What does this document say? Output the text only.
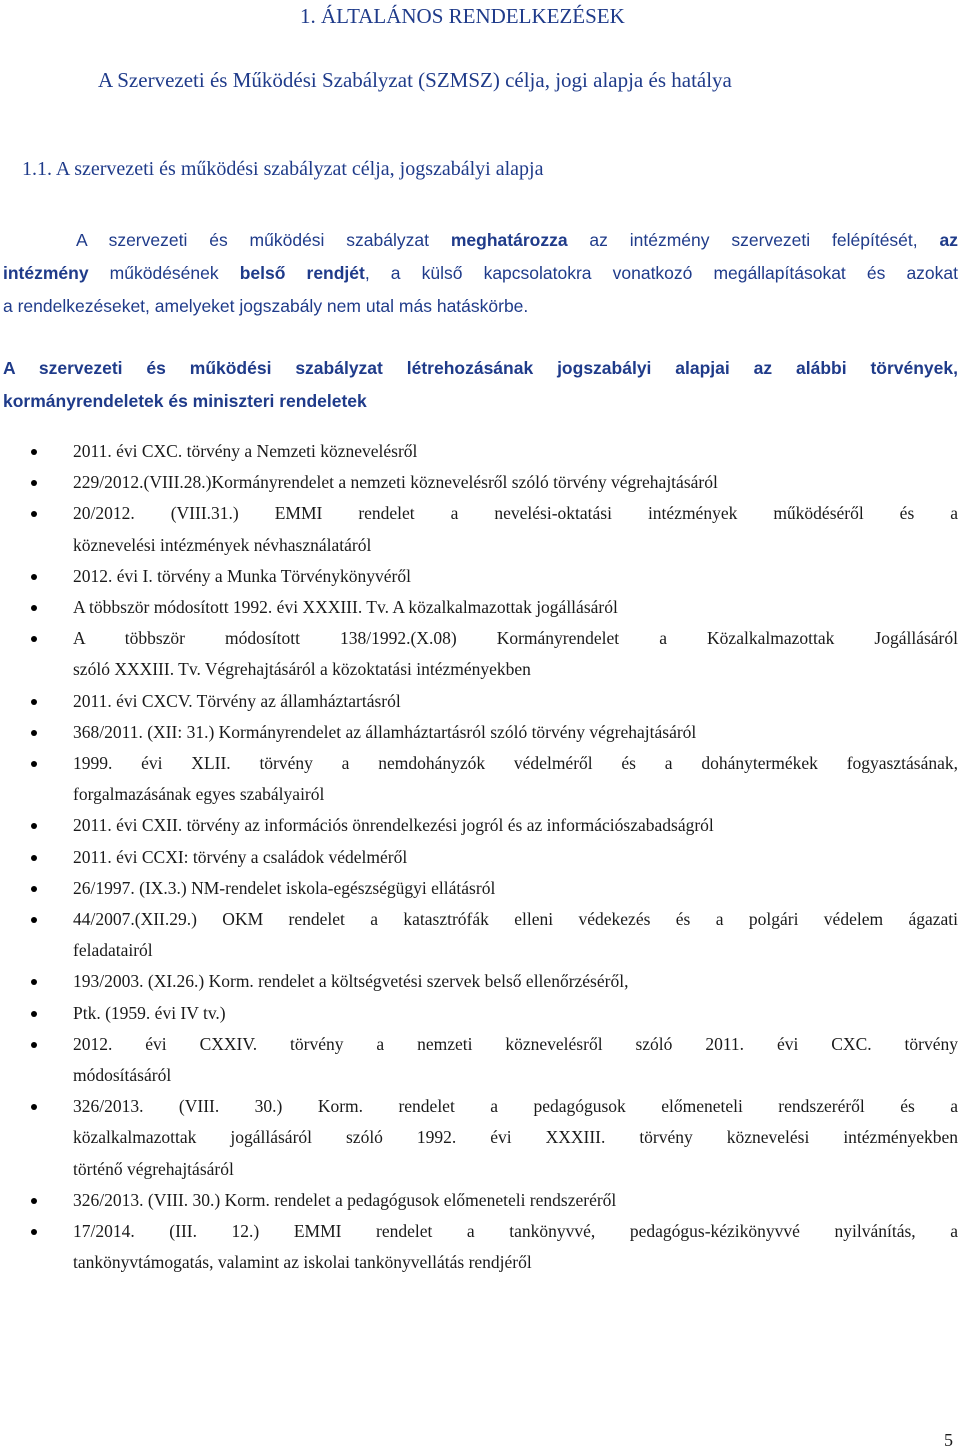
1. ÁLTALÁNOS RENDELKEZÉSEK
A Szervezeti és Működési Szabályzat (SZMSZ) célja, jogi alapja és hatálya
1.1. A szervezeti és működési szabályzat célja, jogszabályi alapja
A szervezeti és működési szabályzat meghatározza az intézmény szervezeti felépítését, az
intézmény működésének belső rendjét, a külső kapcsolatokra vonatkozó megállapításokat és azokat
a rendelkezéseket, amelyeket jogszabály nem utal más hatáskörbe.
A szervezeti és működési szabályzat létrehozásának jogszabályi alapjai az alábbi törvények,
kormányrendeletek és miniszteri rendeletek
2011. évi CXC. törvény a Nemzeti köznevelésről
229/2012.(VIII.28.)Kormányrendelet a nemzeti köznevelésről szóló törvény végrehajtásáról
20/2012. (VIII.31.) EMMI rendelet a nevelési-oktatási intézmények működéséről és a
köznevelési intézmények névhasználatáról
2012. évi I. törvény a Munka Törvénykönyvéről
A többször módosított 1992. évi XXXIII. Tv. A közalkalmazottak jogállásáról
A többször módosított 138/1992.(X.08) Kormányrendelet a Közalkalmazottak Jogállásáról
szóló XXXIII. Tv. Végrehajtásáról a közoktatási intézményekben
2011. évi CXCV. Törvény az államháztartásról
368/2011. (XII: 31.) Kormányrendelet az államháztartásról szóló törvény végrehajtásáról
1999. évi XLII. törvény a nemdohányzók védelméről és a dohánytermékek fogyasztásának,
forgalmazásának egyes szabályairól
2011. évi CXII. törvény az információs önrendelkezési jogról és az információszabadságról
2011. évi CCXI: törvény a családok védelméről
26/1997. (IX.3.) NM-rendelet iskola-egészségügyi ellátásról
44/2007.(XII.29.) OKM rendelet a katasztrófák elleni védekezés és a polgári védelem ágazati
feladatairól
193/2003. (XI.26.) Korm. rendelet a költségvetési szervek belső ellenőrzéséről,
Ptk. (1959. évi IV tv.)
2012. évi CXXIV. törvény a nemzeti köznevelésről szóló 2011. évi CXC. törvény
módosításáról
326/2013. (VIII. 30.) Korm. rendelet a pedagógusok előmeneteli rendszeréről és a
közalkalmazottak jogállásáról szóló 1992. évi XXXIII. törvény köznevelési intézményekben
történő végrehajtásáról
326/2013. (VIII. 30.) Korm. rendelet a pedagógusok előmeneteli rendszeréről
17/2014. (III. 12.) EMMI rendelet a tankönyvvé, pedagógus-kézikönyvvé nyilvánítás, a
tankönyvtámogatás, valamint az iskolai tankönyvellátás rendjéről
5
